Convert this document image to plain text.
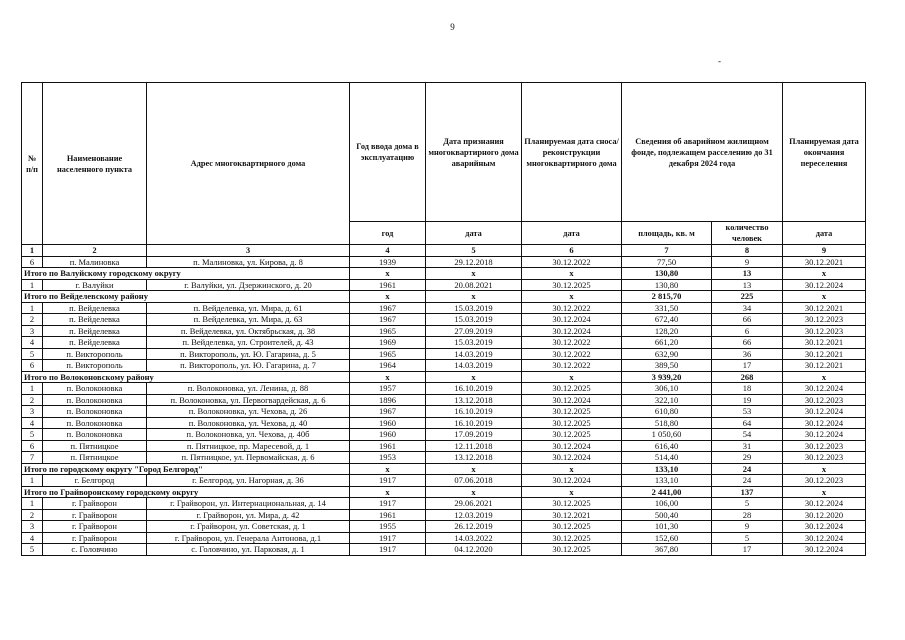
9
-
№ п/п	Наименование населенного пункта	Адрес многоквартирного дома	Год ввода дома в эксплуатацию	Дата признания многоквартирного дома аварийным	Планируемая дата сноса/ реконструкции многоквартирного дома	Сведения об аварийном жилищном фонде, подлежащем расселению до 31 декабря 2024 года		Планируемая дата окончания переселения
			год	дата	дата	площадь, кв. м	количество человек	дата
1	2	3	4	5	6	7	8	9
6	п. Малиновка	п. Малиновка, ул. Кирова, д. 8	1939	29.12.2018	30.12.2022	77,50	9	30.12.2021
Итого по Валуйскому городскому округу			x	x	x	130,80	13	x
1	г. Валуйки	г. Валуйки, ул. Дзержинского, д. 20	1961	20.08.2021	30.12.2025	130,80	13	30.12.2024
Итого по Вейделевскому району			x	x	x	2 815,70	225	x
1	п. Вейделевка	п. Вейделевка, ул. Мира, д. 61	1967	15.03.2019	30.12.2022	331,50	34	30.12.2021
2	п. Вейделевка	п. Вейделевка, ул. Мира, д. 63	1967	15.03.2019	30.12.2024	672,40	66	30.12.2023
3	п. Вейделевка	п. Вейделевка, ул. Октябрьская, д. 38	1965	27.09.2019	30.12.2024	128,20	6	30.12.2023
4	п. Вейделевка	п. Вейделевка, ул. Строителей, д. 43	1969	15.03.2019	30.12.2022	661,20	66	30.12.2021
5	п. Викторополь	п. Викторополь, ул. Ю. Гагарина, д. 5	1965	14.03.2019	30.12.2022	632,90	36	30.12.2021
6	п. Викторополь	п. Викторополь, ул. Ю. Гагарина, д. 7	1964	14.03.2019	30.12.2022	389,50	17	30.12.2021
Итого по Волоконовскому району			x	x	x	3 939,20	268	x
1	п. Волоконовка	п. Волоконовка, ул. Ленина, д. 88	1957	16.10.2019	30.12.2025	306,10	18	30.12.2024
2	п. Волоконовка	п. Волоконовка, ул. Первогвардейская, д. 6	1896	13.12.2018	30.12.2024	322,10	19	30.12.2023
3	п. Волоконовка	п. Волоконовка, ул. Чехова, д. 26	1967	16.10.2019	30.12.2025	610,80	53	30.12.2024
4	п. Волоконовка	п. Волоконовка, ул. Чехова, д. 40	1960	16.10.2019	30.12.2025	518,80	64	30.12.2024
5	п. Волоконовка	п. Волоконовка, ул. Чехова, д. 40б	1960	17.09.2019	30.12.2025	1 050,60	54	30.12.2024
6	п. Пятницкое	п. Пятницкое, пр. Маресевой, д. 1	1961	12.11.2018	30.12.2024	616,40	31	30.12.2023
7	п. Пятницкое	п. Пятницкое, ул. Первомайская, д. 6	1953	13.12.2018	30.12.2024	514,40	29	30.12.2023
Итого по городскому округу "Город Белгород"			x	x	x	133,10	24	x
1	г. Белгород	г. Белгород, ул. Нагорная, д. 36	1917	07.06.2018	30.12.2024	133,10	24	30.12.2023
Итого по Грайворонскому городскому округу			x	x	x	2 441,00	137	x
1	г. Грайворон	г. Грайворон, ул. Интернациональная, д. 14	1917	29.06.2021	30.12.2025	106,00	5	30.12.2024
2	г. Грайворон	г. Грайворон, ул. Мира, д. 42	1961	12.03.2019	30.12.2021	500,40	28	30.12.2020
3	г. Грайворон	г. Грайворон, ул. Советская, д. 1	1955	26.12.2019	30.12.2025	101,30	9	30.12.2024
4	г. Грайворон	г. Грайворон, ул. Генерала Антонова, д.1	1917	14.03.2022	30.12.2025	152,60	5	30.12.2024
5	с. Головчино	с. Головчино, ул. Парковая, д. 1	1917	04.12.2020	30.12.2025	367,80	17	30.12.2024
